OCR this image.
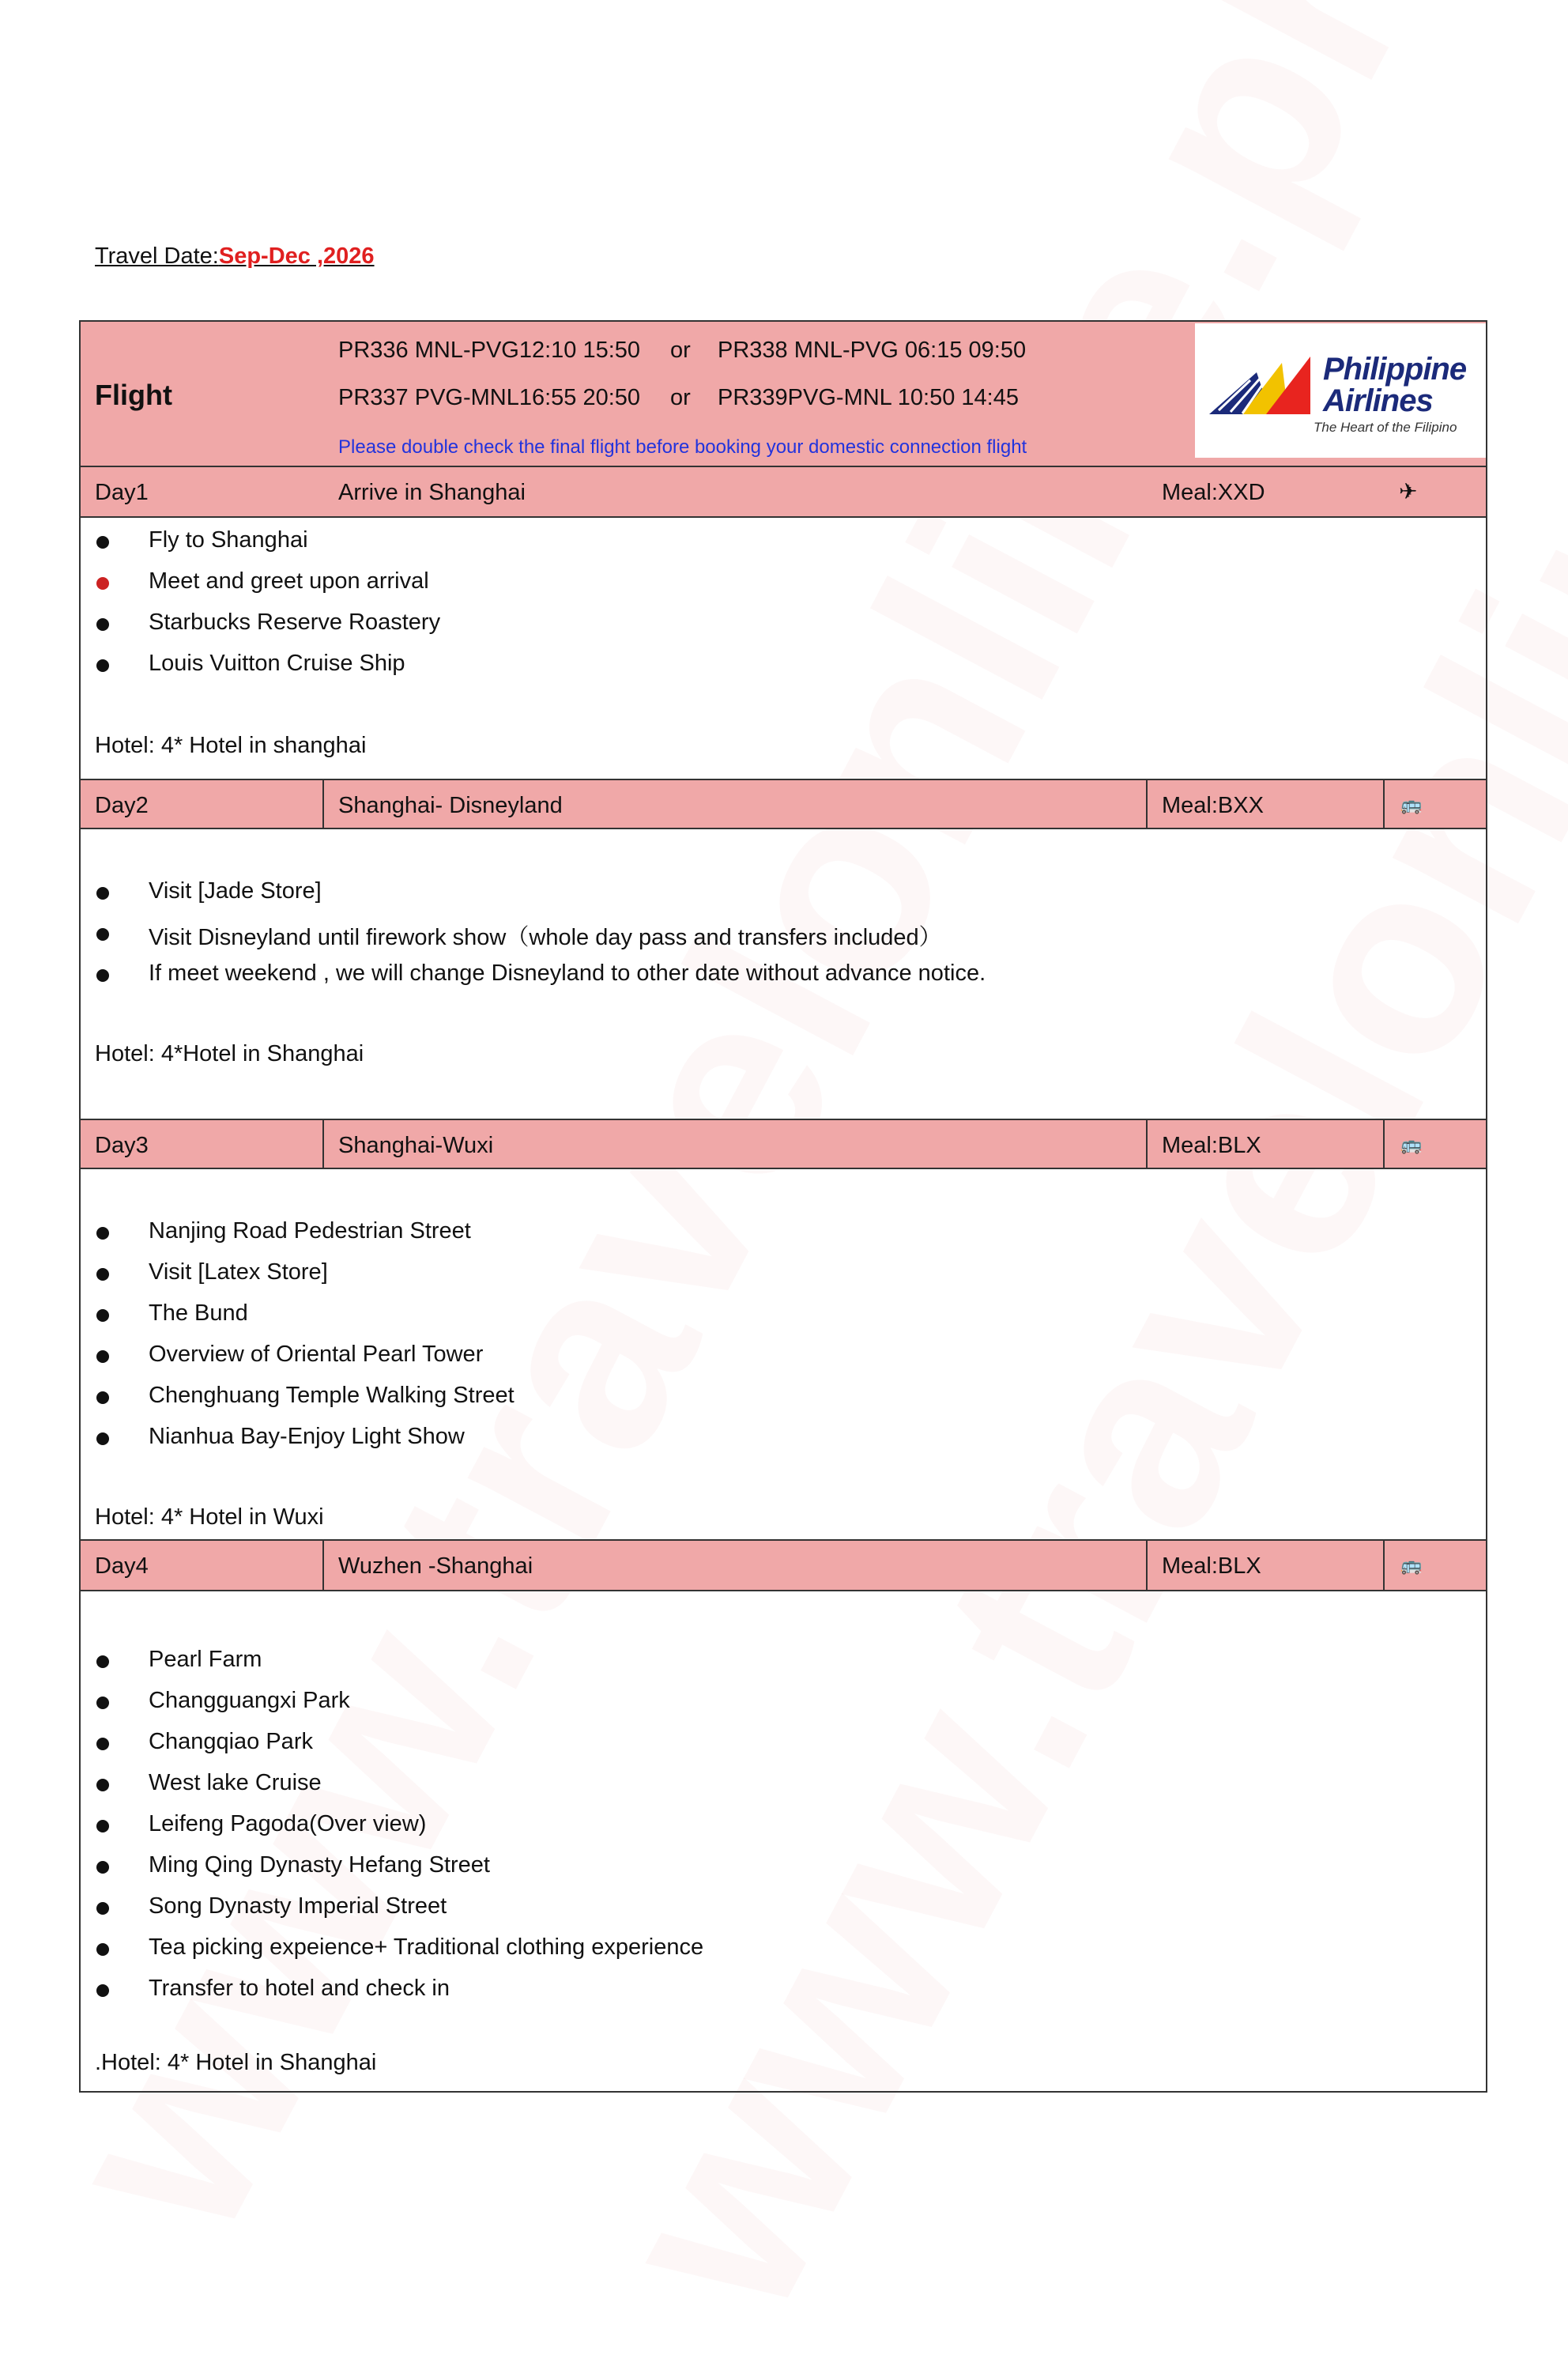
Travel Date:Sep-Dec ,2026
Flight
PR336 MNL-PVG12:10 15:50 or PR338 MNL-PVG 06:15 09:50
PR337 PVG-MNL16:55 20:50 or PR339PVG-MNL 10:50 14:45
Please double check the final flight before booking your domestic connection flight
Philippine
Airlines
The Heart of the Filipino
Day1	Arrive in Shanghai	Meal:XXD	✈
Fly to Shanghai
Meet and greet upon arrival
Starbucks Reserve Roastery
Louis Vuitton Cruise Ship
Hotel: 4* Hotel in shanghai
Day2	Shanghai- Disneyland	Meal:BXX	🚌
Visit [Jade Store]
Visit Disneyland until firework show（whole day pass and transfers included）
If meet weekend , we will change Disneyland to other date without advance notice.
Hotel: 4*Hotel in Shanghai
Day3	Shanghai-Wuxi	Meal:BLX	🚌
Nanjing Road Pedestrian Street
Visit [Latex Store]
The Bund
Overview of Oriental Pearl Tower
Chenghuang Temple Walking Street
Nianhua Bay-Enjoy Light Show
Hotel: 4* Hotel in Wuxi
Day4	Wuzhen -Shanghai	Meal:BLX	🚌
Pearl Farm
Changguangxi Park
Changqiao Park
West lake Cruise
Leifeng Pagoda(Over view)
Ming Qing Dynasty Hefang Street
Song Dynasty Imperial Street
Tea picking expeience+ Traditional clothing experience
Transfer to hotel and check in
.Hotel: 4* Hotel in Shanghai
